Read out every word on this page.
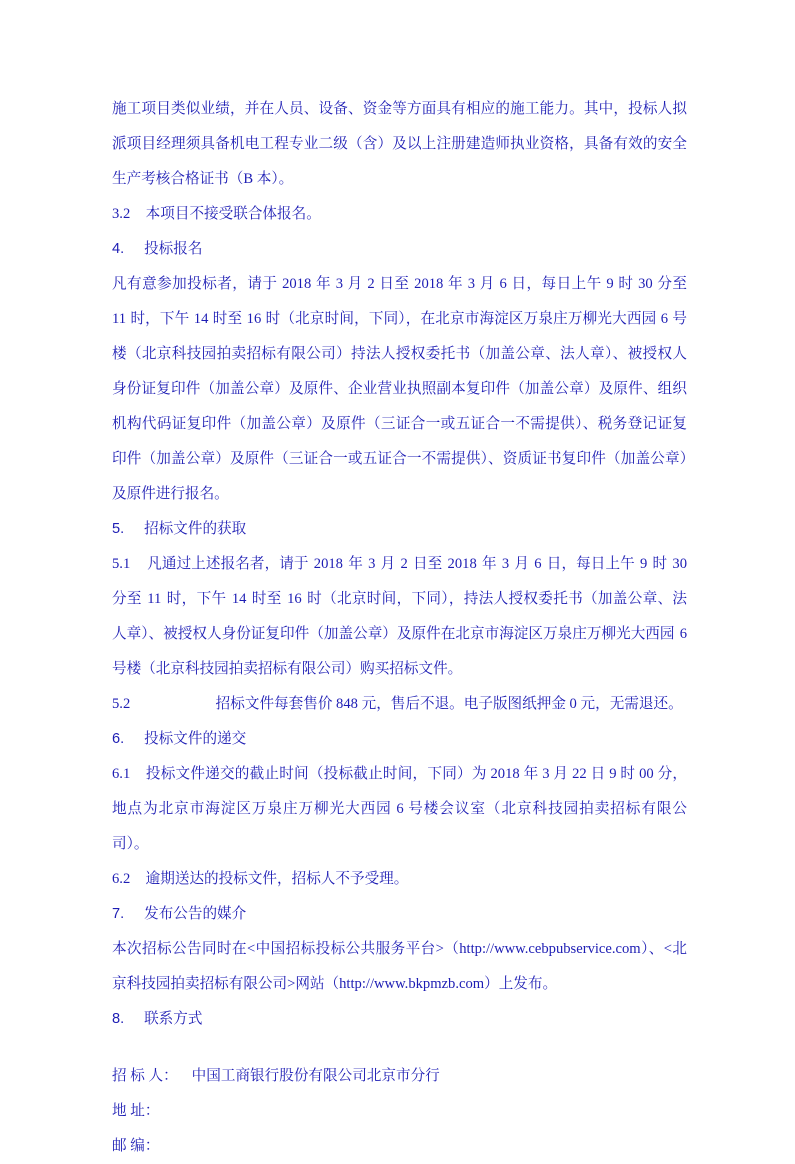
施工项目类似业绩，并在人员、设备、资金等方面具有相应的施工能力。其中，投标人拟派项目经理须具备机电工程专业二级（含）及以上注册建造师执业资格，具备有效的安全生产考核合格证书（B 本）。

3.2 本项目不接受联合体报名。

4. 投标报名

凡有意参加投标者，请于 2018 年 3 月 2 日至 2018 年 3 月 6 日，每日上午 9 时 30 分至 11 时，下午 14 时至 16 时（北京时间，下同），在北京市海淀区万泉庄万柳光大西园 6 号楼（北京科技园拍卖招标有限公司）持法人授权委托书（加盖公章、法人章）、被授权人身份证复印件（加盖公章）及原件、企业营业执照副本复印件（加盖公章）及原件、组织机构代码证复印件（加盖公章）及原件（三证合一或五证合一不需提供）、税务登记证复印件（加盖公章）及原件（三证合一或五证合一不需提供）、资质证书复印件（加盖公章）及原件进行报名。

5. 招标文件的获取

5.1 凡通过上述报名者，请于 2018 年 3 月 2 日至 2018 年 3 月 6 日，每日上午 9 时 30 分至 11 时，下午 14 时至 16 时（北京时间，下同），持法人授权委托书（加盖公章、法人章）、被授权人身份证复印件（加盖公章）及原件在北京市海淀区万泉庄万柳光大西园 6 号楼（北京科技园拍卖招标有限公司）购买招标文件。

5.2	招标文件每套售价 848 元，售后不退。电子版图纸押金 0 元，无需退还。

6. 投标文件的递交

6.1 投标文件递交的截止时间（投标截止时间，下同）为 2018 年 3 月 22 日 9 时 00 分，地点为北京市海淀区万泉庄万柳光大西园 6 号楼会议室（北京科技园拍卖招标有限公司）。

6.2 逾期送达的投标文件，招标人不予受理。

7. 发布公告的媒介

本次招标公告同时在<中国招标投标公共服务平台>（http://www.cebpubservice.com）、<北京科技园拍卖招标有限公司>网站（http://www.bkpmzb.com）上发布。

8. 联系方式

招 标 人： 中国工商银行股份有限公司北京市分行

地 址：

邮 编：
